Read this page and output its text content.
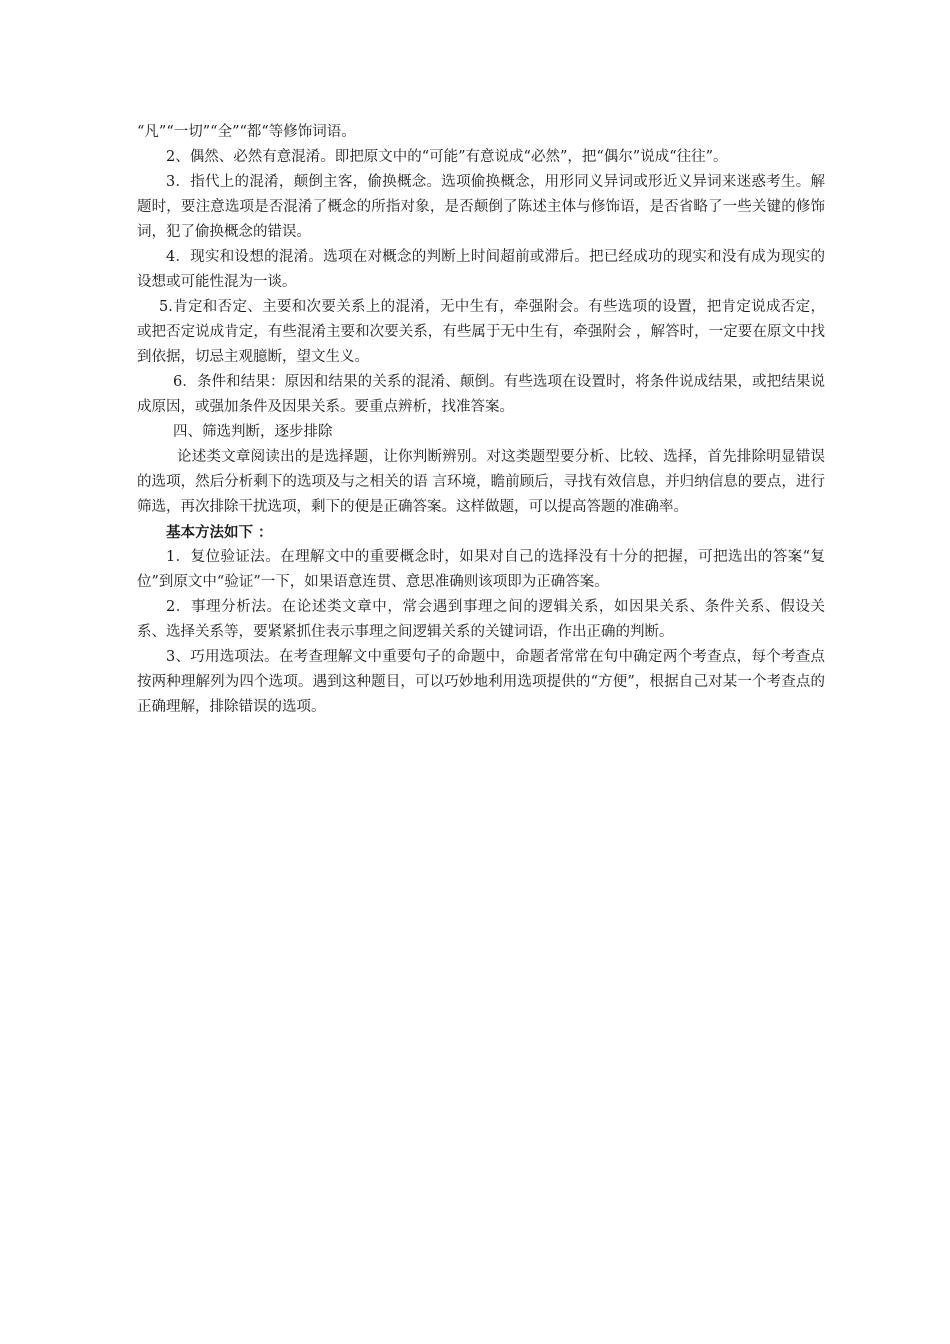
“凡”“一切”“全”“都“等修饰词语。

2、偶然、必然有意混淆。即把原文中的“可能”有意说成“必然”，把“偶尔”说成“往往”。

3．指代上的混淆，颠倒主客，偷换概念。选项偷换概念，用形同义异词或形近义异词来迷惑考生。解题时，要注意选项是否混淆了概念的所指对象，是否颠倒了陈述主体与修饰语，是否省略了一些关键的修饰词，犯了偷换概念的错误。

4．现实和设想的混淆。选项在对概念的判断上时间超前或滞后。把已经成功的现实和没有成为现实的设想或可能性混为一谈。

5.肯定和否定、主要和次要关系上的混淆，无中生有，牵强附会。有些选项的设置，把肯定说成否定，或把否定说成肯定，有些混淆主要和次要关系，有些属于无中生有，牵强附会 ，解答时，一定要在原文中找到依据，切忌主观臆断，望文生义。

6．条件和结果：原因和结果的关系的混淆、颠倒。有些选项在设置时，将条件说成结果，或把结果说成原因，或强加条件及因果关系。要重点辨析，找准答案。

四、筛选判断，逐步排除

论述类文章阅读出的是选择题，让你判断辨别。对这类题型要分析、比较、选择，首先排除明显错误的选项，然后分析剩下的选项及与之相关的语 言环境，瞻前顾后，寻找有效信息，并归纳信息的要点，进行筛选，再次排除干扰选项，剩下的便是正确答案。这样做题，可以提高答题的准确率。

基本方法如下 ：

1．复位验证法。在理解文中的重要概念时，如果对自己的选择没有十分的把握，可把选出的答案“复位”到原文中“验证”一下，如果语意连贯、意思准确则该项即为正确答案。

2．事理分析法。在论述类文章中，常会遇到事理之间的逻辑关系，如因果关系、条件关系、假设关系、选择关系等，要紧紧抓住表示事理之间逻辑关系的关键词语，作出正确的判断。

3、巧用选项法。在考查理解文中重要句子的命题中，命题者常常在句中确定两个考查点，每个考查点按两种理解列为四个选项。遇到这种题目，可以巧妙地利用选项提供的“方便”，根据自己对某一个考查点的正确理解，排除错误的选项。
